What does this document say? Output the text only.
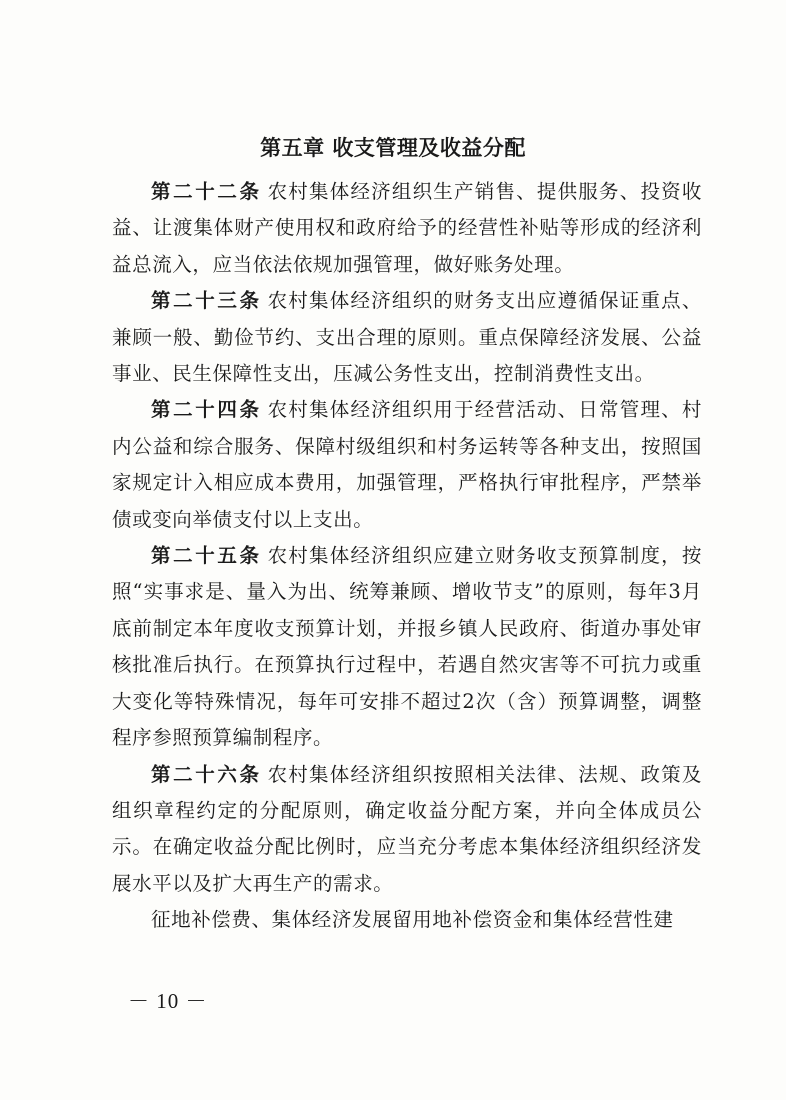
第五章 收支管理及收益分配

第二十二条 农村集体经济组织生产销售、提供服务、投资收益、让渡集体财产使用权和政府给予的经营性补贴等形成的经济利益总流入，应当依法依规加强管理，做好账务处理。

第二十三条 农村集体经济组织的财务支出应遵循保证重点、兼顾一般、勤俭节约、支出合理的原则。重点保障经济发展、公益事业、民生保障性支出，压减公务性支出，控制消费性支出。

第二十四条 农村集体经济组织用于经营活动、日常管理、村内公益和综合服务、保障村级组织和村务运转等各种支出，按照国家规定计入相应成本费用，加强管理，严格执行审批程序，严禁举债或变向举债支付以上支出。

第二十五条 农村集体经济组织应建立财务收支预算制度，按照“实事求是、量入为出、统筹兼顾、增收节支”的原则，每年3月底前制定本年度收支预算计划，并报乡镇人民政府、街道办事处审核批准后执行。在预算执行过程中，若遇自然灾害等不可抗力或重大变化等特殊情况，每年可安排不超过2次（含）预算调整，调整程序参照预算编制程序。

第二十六条 农村集体经济组织按照相关法律、法规、政策及组织章程约定的分配原则，确定收益分配方案，并向全体成员公示。在确定收益分配比例时，应当充分考虑本集体经济组织经济发展水平以及扩大再生产的需求。

征地补偿费、集体经济发展留用地补偿资金和集体经营性建

－ 10 －
